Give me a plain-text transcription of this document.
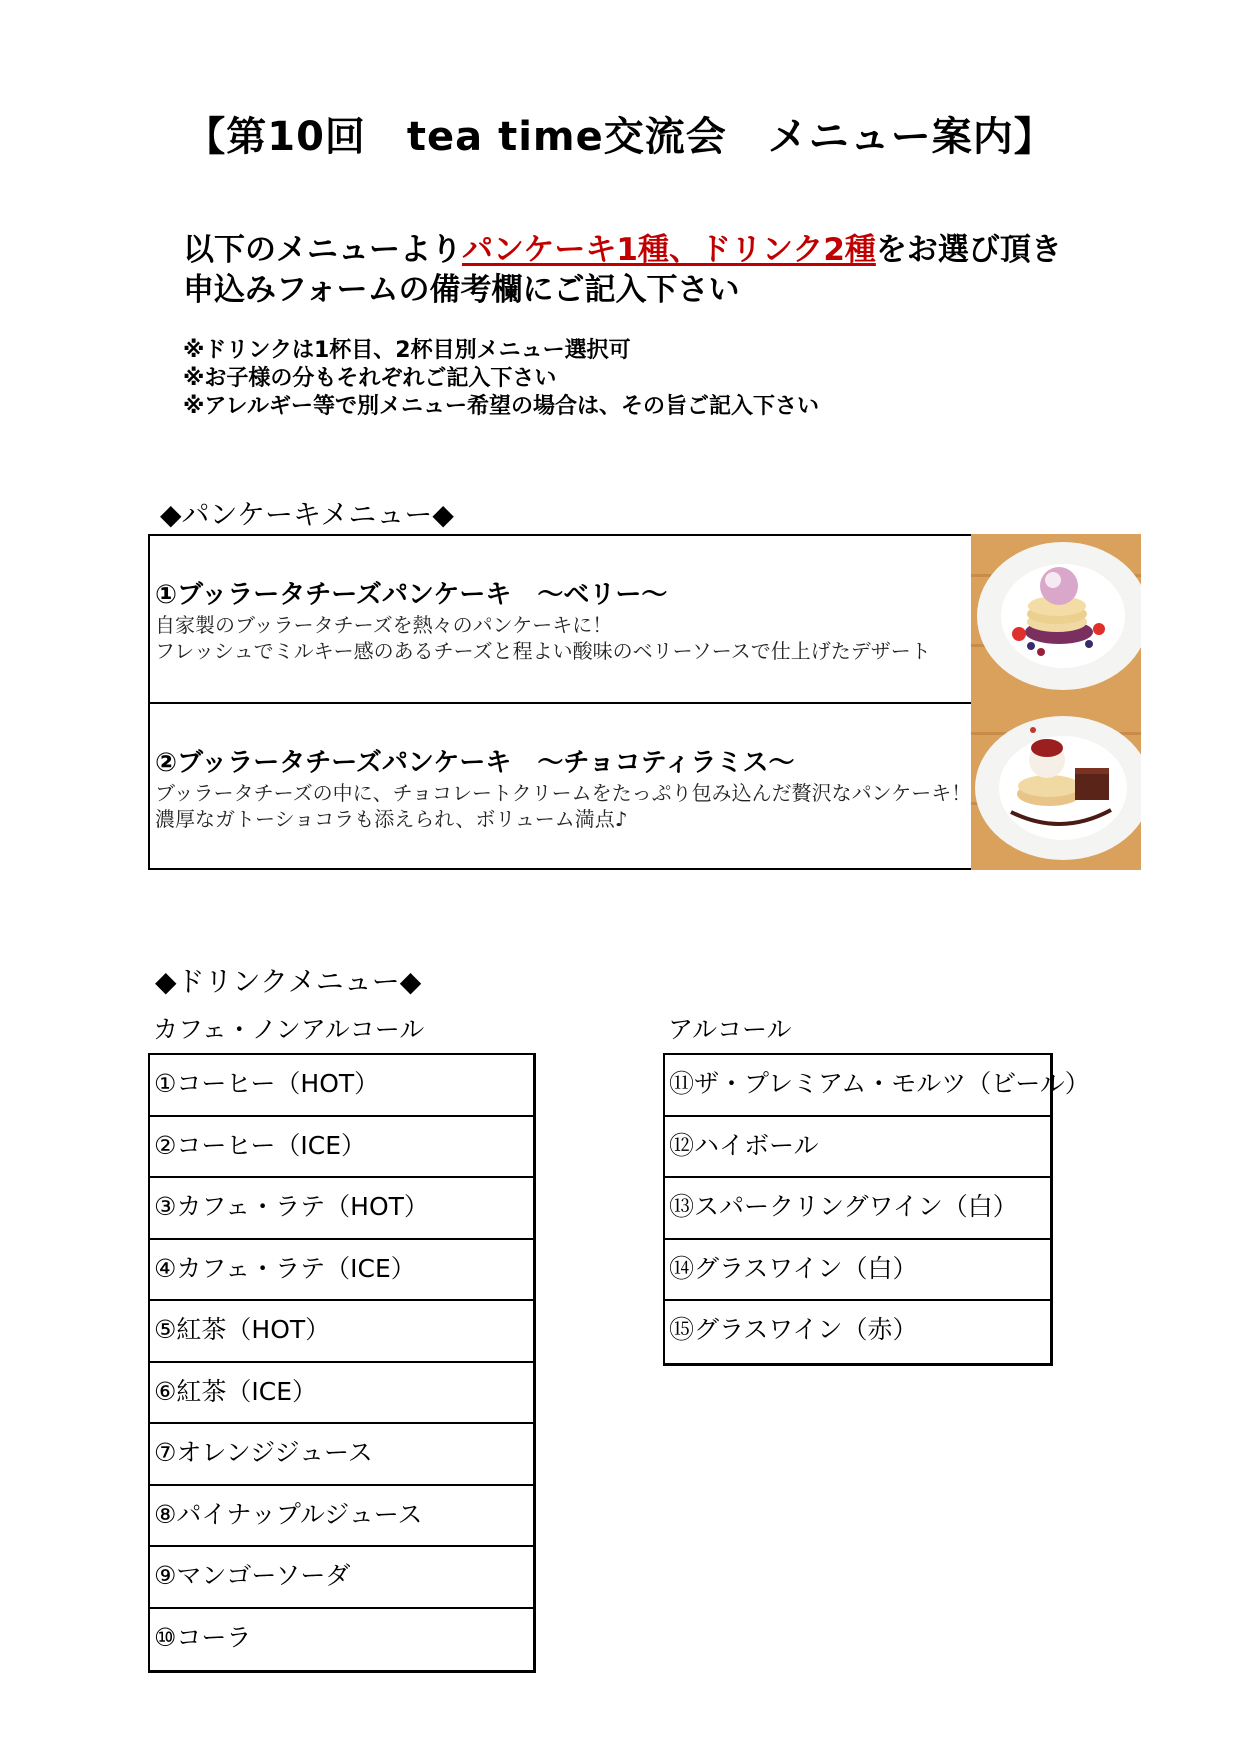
【第10回　tea time交流会　メニュー案内】
以下のメニューよりパンケーキ1種、ドリンク2種をお選び頂き
申込みフォームの備考欄にご記入下さい
※ドリンクは1杯目、2杯目別メニュー選択可
※お子様の分もそれぞれご記入下さい
※アレルギー等で別メニュー希望の場合は、その旨ご記入下さい
◆パンケーキメニュー◆
①ブッラータチーズパンケーキ　～ベリー～
自家製のブッラータチーズを熱々のパンケーキに！
フレッシュでミルキー感のあるチーズと程よい酸味のベリーソースで仕上げたデザート
②ブッラータチーズパンケーキ　～チョコティラミス～
ブッラータチーズの中に、チョコレートクリームをたっぷり包み込んだ贅沢なパンケーキ！
濃厚なガトーショコラも添えられ、ボリューム満点♪
◆ドリンクメニュー◆
カフェ・ノンアルコール	アルコール
①コーヒー（HOT）
②コーヒー（ICE）
③カフェ・ラテ（HOT）
④カフェ・ラテ（ICE）
⑤紅茶（HOT）
⑥紅茶（ICE）
⑦オレンジジュース
⑧パイナップルジュース
⑨マンゴーソーダ
⑩コーラ
⑪ザ・プレミアム・モルツ（ビール）
⑫ハイボール
⑬スパークリングワイン（白）
⑭グラスワイン（白）
⑮グラスワイン（赤）
